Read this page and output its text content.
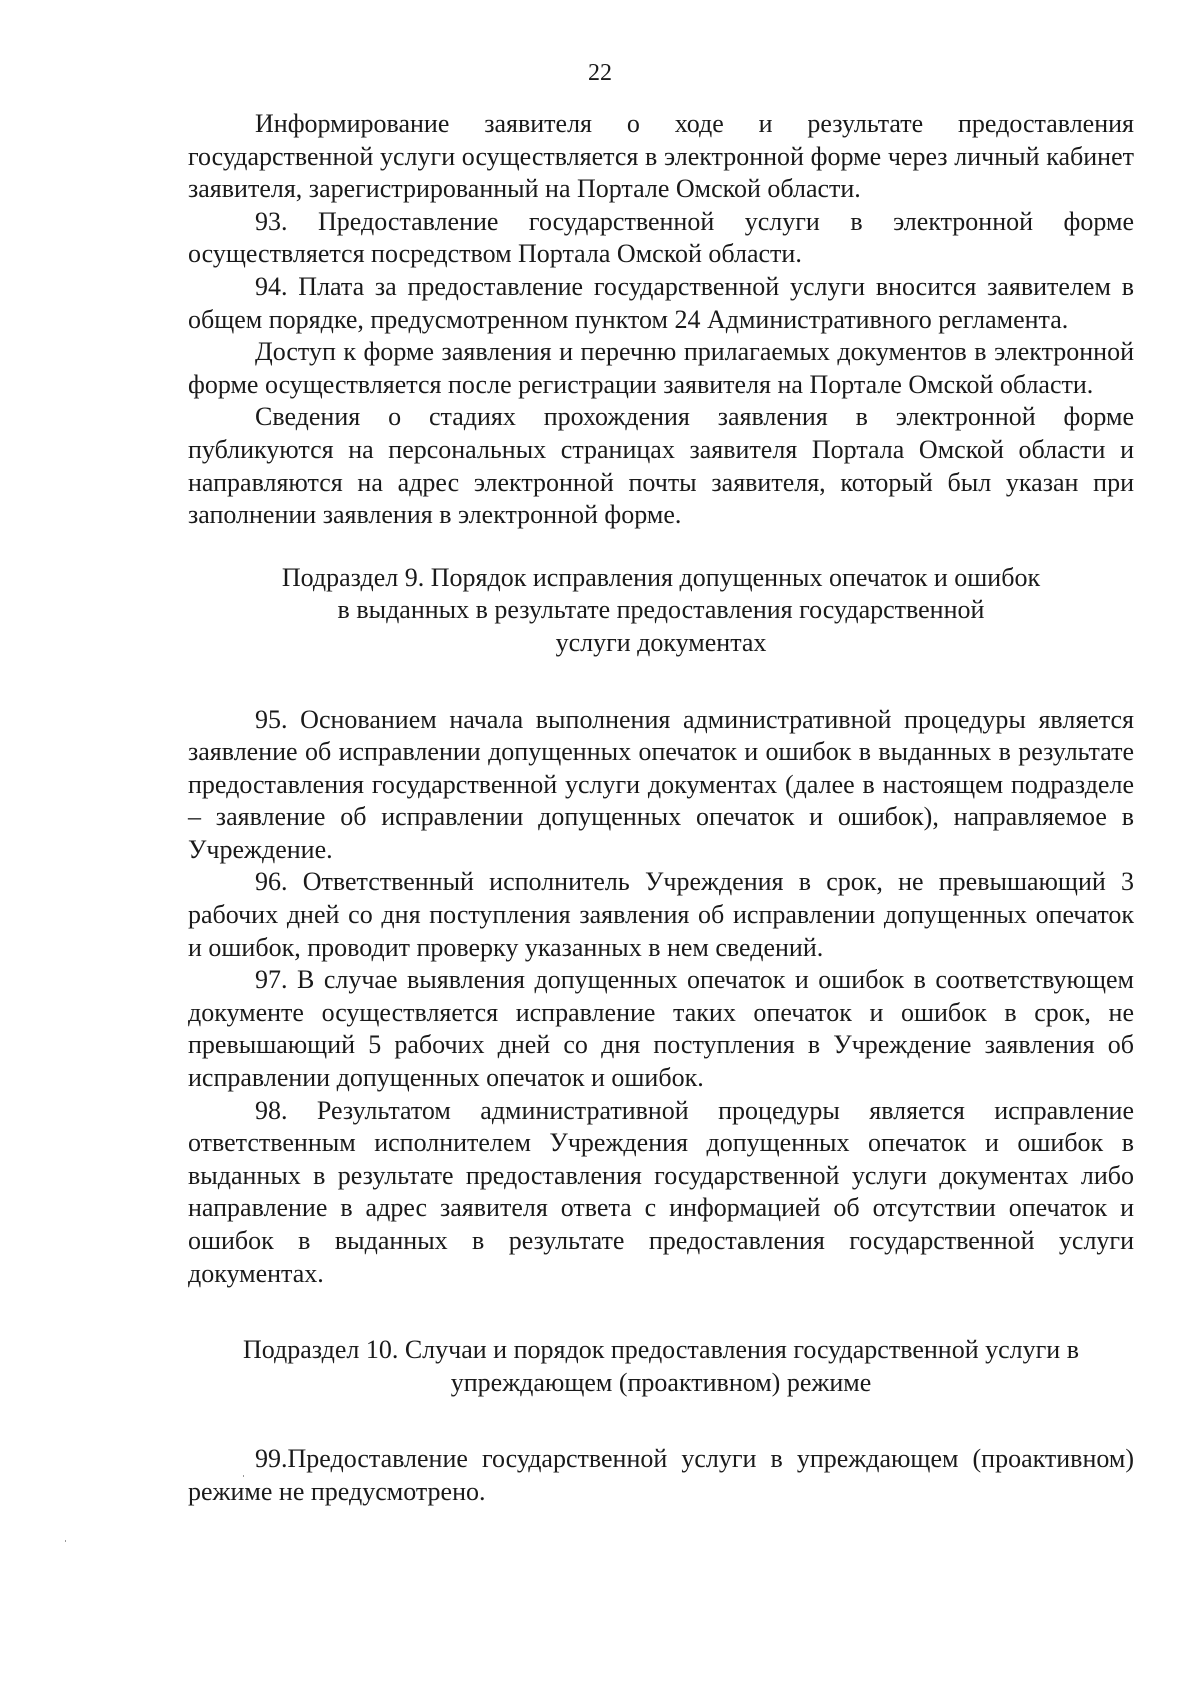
22

Информирование заявителя о ходе и результате предоставления государственной услуги осуществляется в электронной форме через личный кабинет заявителя, зарегистрированный на Портале Омской области.

93. Предоставление государственной услуги в электронной форме осуществляется посредством Портала Омской области.

94. Плата за предоставление государственной услуги вносится заявителем в общем порядке, предусмотренном пунктом 24 Административного регламента.

Доступ к форме заявления и перечню прилагаемых документов в электронной форме осуществляется после регистрации заявителя на Портале Омской области.

Сведения о стадиях прохождения заявления в электронной форме публикуются на персональных страницах заявителя Портала Омской области и направляются на адрес электронной почты заявителя, который был указан при заполнении заявления в электронной форме.

Подраздел 9. Порядок исправления допущенных опечаток и ошибок

в выданных в результате предоставления государственной

услуги документах

95. Основанием начала выполнения административной процедуры является заявление об исправлении допущенных опечаток и ошибок в выданных в результате предоставления государственной услуги документах (далее в настоящем подразделе – заявление об исправлении допущенных опечаток и ошибок), направляемое в Учреждение.

96. Ответственный исполнитель Учреждения в срок, не превышающий 3 рабочих дней со дня поступления заявления об исправлении допущенных опечаток и ошибок, проводит проверку указанных в нем сведений.

97. В случае выявления допущенных опечаток и ошибок в соответствующем документе осуществляется исправление таких опечаток и ошибок в срок, не превышающий 5 рабочих дней со дня поступления в Учреждение заявления об исправлении допущенных опечаток и ошибок.

98. Результатом административной процедуры является исправление ответственным исполнителем Учреждения допущенных опечаток и ошибок в выданных в результате предоставления государственной услуги документах либо направление в адрес заявителя ответа с информацией об отсутствии опечаток и ошибок в выданных в результате предоставления государственной услуги документах.

Подраздел 10. Случаи и порядок предоставления государственной услуги в

упреждающем (проактивном) режиме

99.Предоставление государственной услуги в упреждающем (проактивном) режиме не предусмотрено.
